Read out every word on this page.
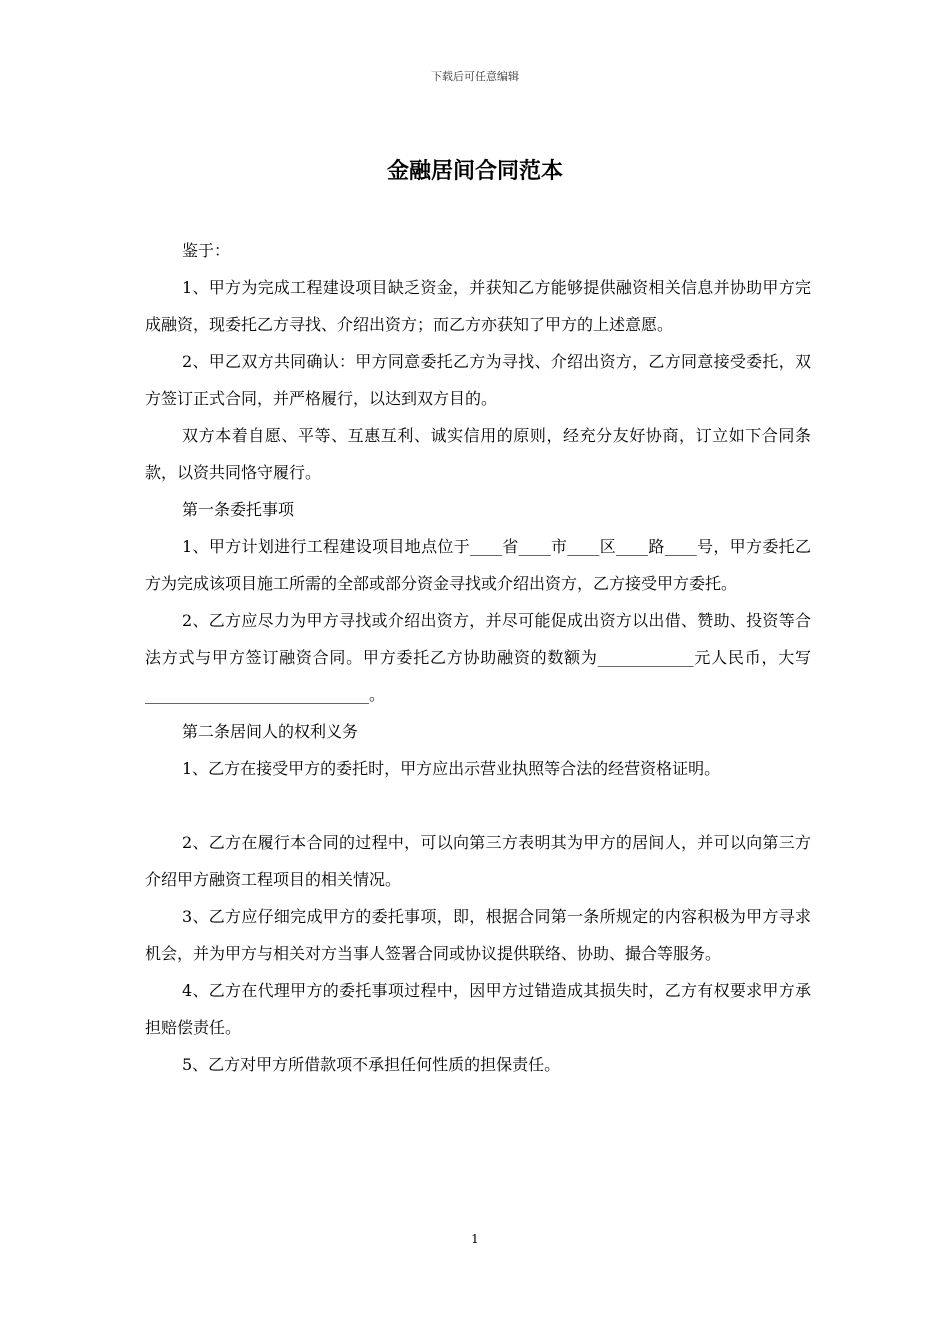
下载后可任意编辑
金融居间合同范本

鉴于：

1、甲方为完成工程建设项目缺乏资金，并获知乙方能够提供融资相关信息并协助甲方完成融资，现委托乙方寻找、介绍出资方；而乙方亦获知了甲方的上述意愿。

2、甲乙双方共同确认：甲方同意委托乙方为寻找、介绍出资方，乙方同意接受委托，双方签订正式合同，并严格履行，以达到双方目的。

双方本着自愿、平等、互惠互利、诚实信用的原则，经充分友好协商，订立如下合同条款，以资共同恪守履行。

第一条委托事项

1、甲方计划进行工程建设项目地点位于____省____市____区____路____号，甲方委托乙方为完成该项目施工所需的全部或部分资金寻找或介绍出资方，乙方接受甲方委托。

2、乙方应尽力为甲方寻找或介绍出资方，并尽可能促成出资方以出借、赞助、投资等合法方式与甲方签订融资合同。甲方委托乙方协助融资的数额为____________元人民币，大写____________________________。

第二条居间人的权利义务

1、乙方在接受甲方的委托时，甲方应出示营业执照等合法的经营资格证明。

2、乙方在履行本合同的过程中，可以向第三方表明其为甲方的居间人，并可以向第三方介绍甲方融资工程项目的相关情况。

3、乙方应仔细完成甲方的委托事项，即，根据合同第一条所规定的内容积极为甲方寻求机会，并为甲方与相关对方当事人签署合同或协议提供联络、协助、撮合等服务。

4、乙方在代理甲方的委托事项过程中，因甲方过错造成其损失时，乙方有权要求甲方承担赔偿责任。

5、乙方对甲方所借款项不承担任何性质的担保责任。

1
